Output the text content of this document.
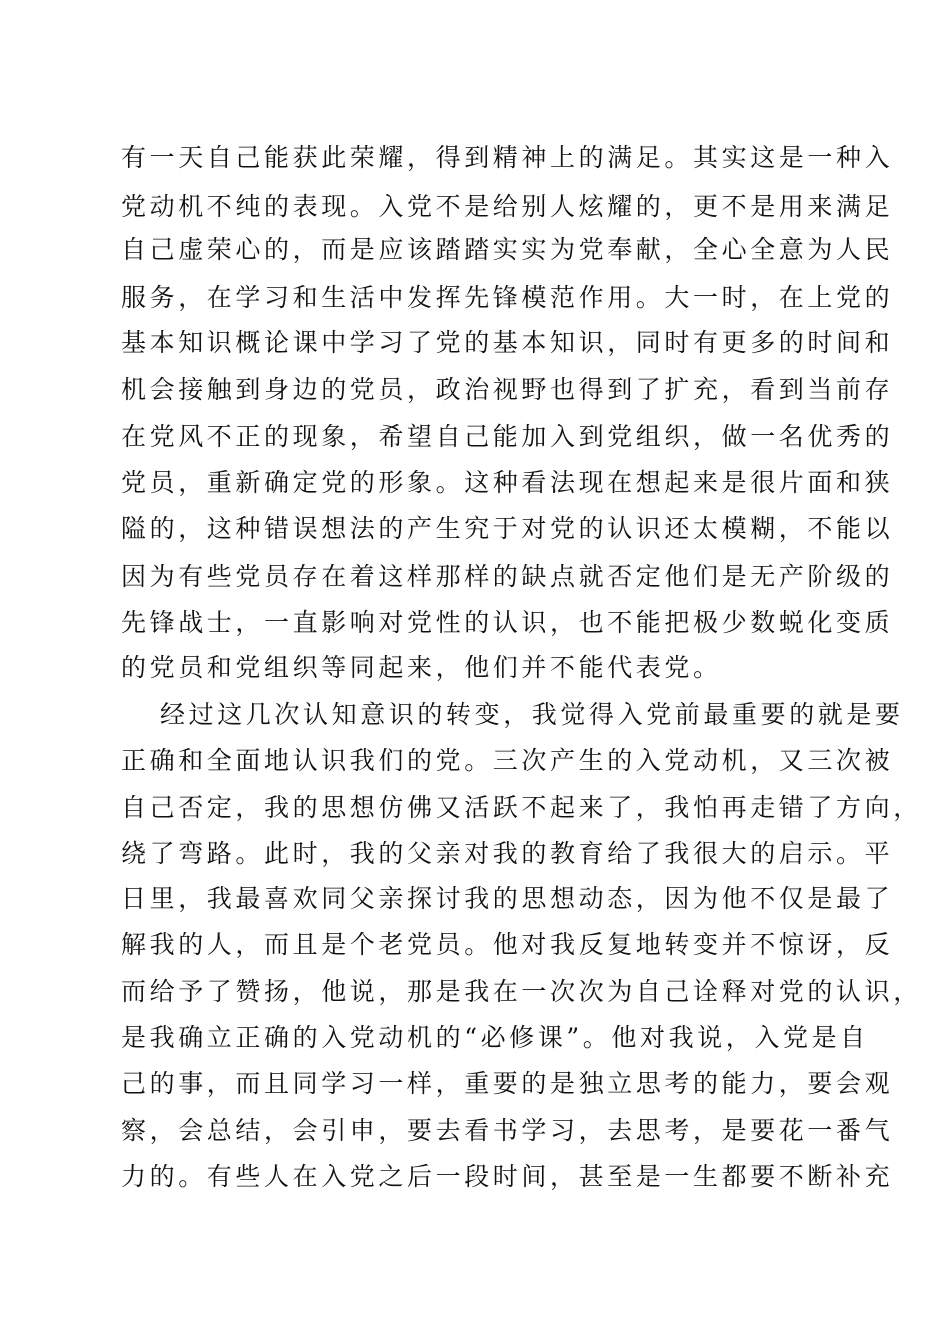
有一天自己能获此荣耀，得到精神上的满足。其实这是一种入
党动机不纯的表现。入党不是给别人炫耀的，更不是用来满足
自己虚荣心的，而是应该踏踏实实为党奉献，全心全意为人民
服务，在学习和生活中发挥先锋模范作用。大一时，在上党的
基本知识概论课中学习了党的基本知识，同时有更多的时间和
机会接触到身边的党员，政治视野也得到了扩充，看到当前存
在党风不正的现象，希望自己能加入到党组织，做一名优秀的
党员，重新确定党的形象。这种看法现在想起来是很片面和狭
隘的，这种错误想法的产生究于对党的认识还太模糊，不能以
因为有些党员存在着这样那样的缺点就否定他们是无产阶级的
先锋战士，一直影响对党性的认识，也不能把极少数蜕化变质
的党员和党组织等同起来，他们并不能代表党。
经过这几次认知意识的转变，我觉得入党前最重要的就是要
正确和全面地认识我们的党。三次产生的入党动机，又三次被
自己否定，我的思想仿佛又活跃不起来了，我怕再走错了方向，
绕了弯路。此时，我的父亲对我的教育给了我很大的启示。平
日里，我最喜欢同父亲探讨我的思想动态，因为他不仅是最了
解我的人，而且是个老党员。他对我反复地转变并不惊讶，反
而给予了赞扬，他说，那是我在一次次为自己诠释对党的认识，
是我确立正确的入党动机的“必修课”。他对我说，入党是自
己的事，而且同学习一样，重要的是独立思考的能力，要会观
察，会总结，会引申，要去看书学习，去思考，是要花一番气
力的。有些人在入党之后一段时间，甚至是一生都要不断补充
